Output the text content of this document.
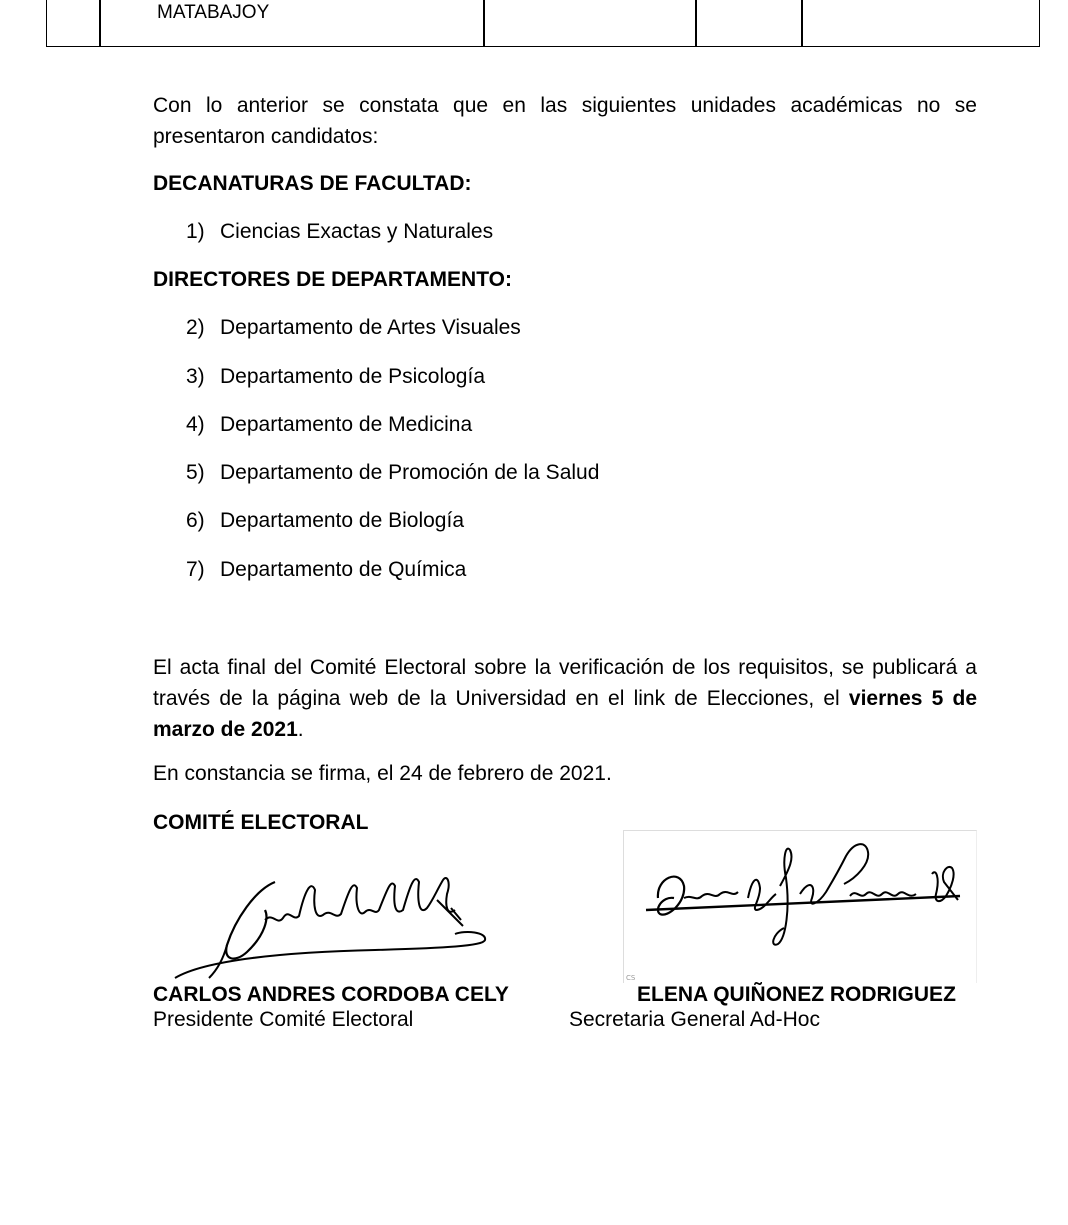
MATABAJOY
Con lo anterior se constata que en las siguientes unidades académicas no se presentaron candidatos:
DECANATURAS DE FACULTAD:
1) Ciencias Exactas y Naturales
DIRECTORES DE DEPARTAMENTO:
2) Departamento de Artes Visuales
3) Departamento de Psicología
4) Departamento de Medicina
5) Departamento de Promoción de la Salud
6) Departamento de Biología
7) Departamento de Química
El acta final del Comité Electoral sobre la verificación de los requisitos, se publicará a través de la página web de la Universidad en el link de Elecciones, el viernes 5 de marzo de 2021.
En constancia se firma, el 24 de febrero de 2021.
COMITÉ ELECTORAL
CS
CARLOS ANDRES CORDOBA CELY
Presidente Comité Electoral
ELENA QUIÑONEZ RODRIGUEZ
Secretaria General Ad-Hoc
